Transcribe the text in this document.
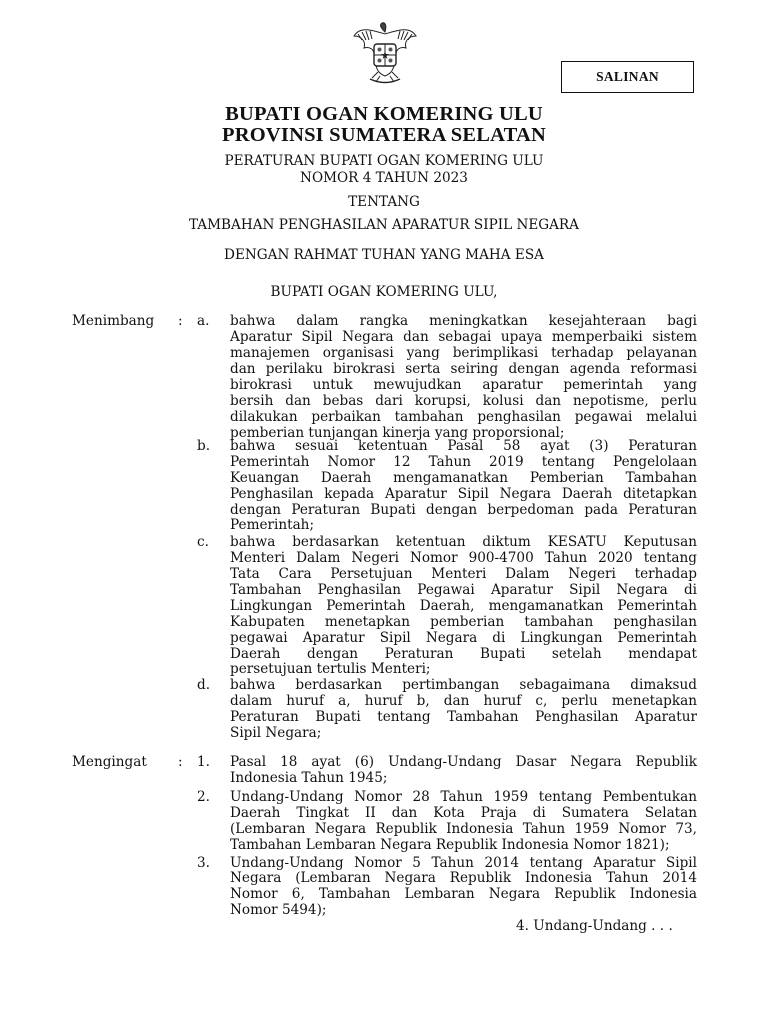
SALINAN
BUPATI OGAN KOMERING ULU
PROVINSI SUMATERA SELATAN
PERATURAN BUPATI OGAN KOMERING ULU
NOMOR 4 TAHUN 2023
TENTANG
TAMBAHAN PENGHASILAN APARATUR SIPIL NEGARA
DENGAN RAHMAT TUHAN YANG MAHA ESA
BUPATI OGAN KOMERING ULU,
Menimbang : a. bahwa dalam rangka meningkatkan kesejahteraan bagi
Aparatur Sipil Negara dan sebagai upaya memperbaiki sistem
manajemen organisasi yang berimplikasi terhadap pelayanan
dan perilaku birokrasi serta seiring dengan agenda reformasi
birokrasi untuk mewujudkan aparatur pemerintah yang
bersih dan bebas dari korupsi, kolusi dan nepotisme, perlu
dilakukan perbaikan tambahan penghasilan pegawai melalui
pemberian tunjangan kinerja yang proporsional;
b. bahwa sesuai ketentuan Pasal 58 ayat (3) Peraturan
Pemerintah Nomor 12 Tahun 2019 tentang Pengelolaan
Keuangan Daerah mengamanatkan Pemberian Tambahan
Penghasilan kepada Aparatur Sipil Negara Daerah ditetapkan
dengan Peraturan Bupati dengan berpedoman pada Peraturan
Pemerintah;
c. bahwa berdasarkan ketentuan diktum KESATU Keputusan
Menteri Dalam Negeri Nomor 900-4700 Tahun 2020 tentang
Tata Cara Persetujuan Menteri Dalam Negeri terhadap
Tambahan Penghasilan Pegawai Aparatur Sipil Negara di
Lingkungan Pemerintah Daerah, mengamanatkan Pemerintah
Kabupaten menetapkan pemberian tambahan penghasilan
pegawai Aparatur Sipil Negara di Lingkungan Pemerintah
Daerah dengan Peraturan Bupati setelah mendapat
persetujuan tertulis Menteri;
d. bahwa berdasarkan pertimbangan sebagaimana dimaksud
dalam huruf a, huruf b, dan huruf c, perlu menetapkan
Peraturan Bupati tentang Tambahan Penghasilan Aparatur
Sipil Negara;
Mengingat : 1. Pasal 18 ayat (6) Undang-Undang Dasar Negara Republik
Indonesia Tahun 1945;
2. Undang-Undang Nomor 28 Tahun 1959 tentang Pembentukan
Daerah Tingkat II dan Kota Praja di Sumatera Selatan
(Lembaran Negara Republik Indonesia Tahun 1959 Nomor 73,
Tambahan Lembaran Negara Republik Indonesia Nomor 1821);
3. Undang-Undang Nomor 5 Tahun 2014 tentang Aparatur Sipil
Negara (Lembaran Negara Republik Indonesia Tahun 2014
Nomor 6, Tambahan Lembaran Negara Republik Indonesia
Nomor 5494);
4. Undang-Undang . . .
